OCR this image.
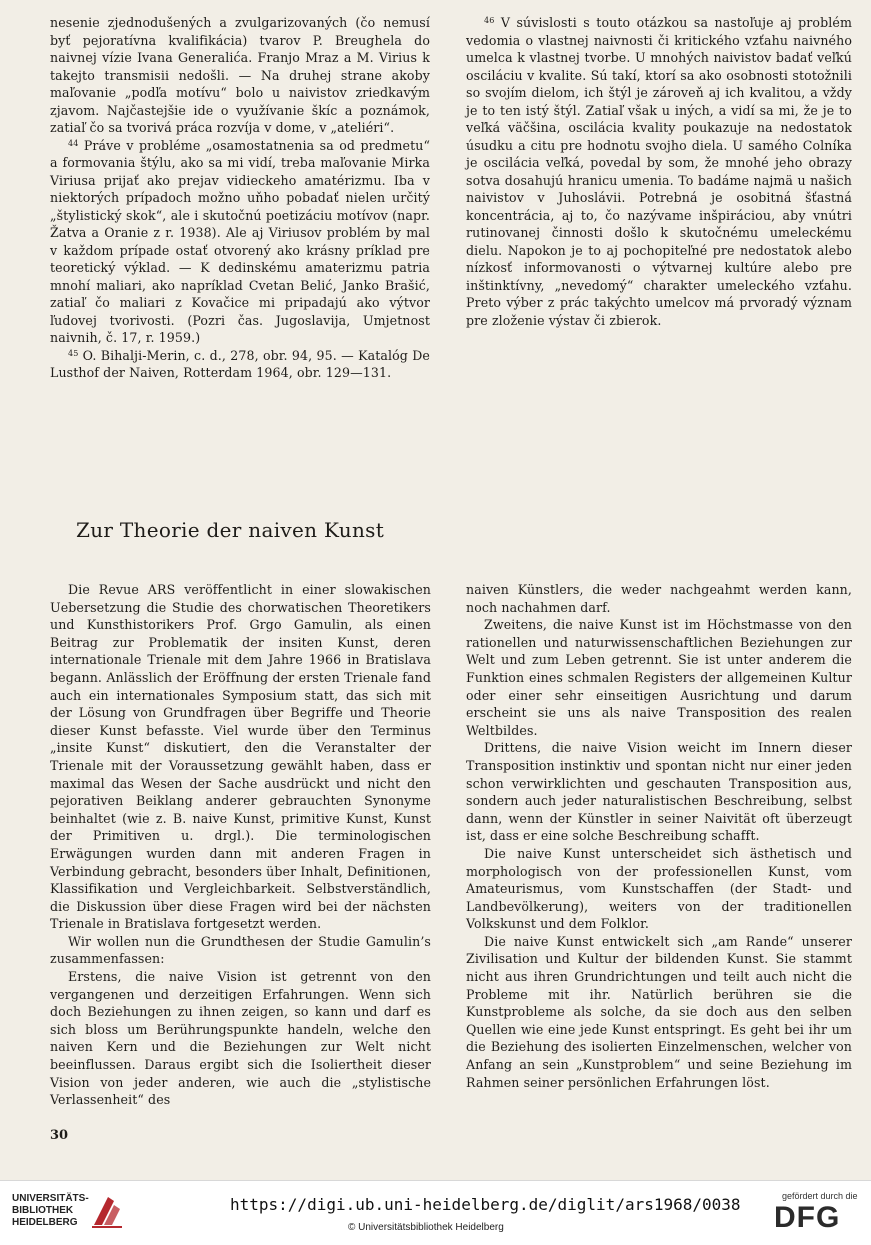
nesenie zjednodušených a zvulgarizovaných (čo nemusí byť pejoratívna kvalifikácia) tvarov P. Breughela do naivnej vízie Ivana Generalića. Franjo Mraz a M. Virius k takejto transmisii nedošli. — Na druhej strane akoby maľovanie „podľa motívu“ bolo u naivistov zriedkavým zjavom. Najčastejšie ide o využívanie škíc a poznámok, zatiaľ čo sa tvorivá práca rozvíja v dome, v „ateliéri“.

$^{44}$ Práve v probléme „osamostatnenia sa od predmetu“ a formovania štýlu, ako sa mi vidí, treba maľovanie Mirka Viriusa prijať ako prejav vidieckeho amatérizmu. Iba v niektorých prípadoch možno uňho pobadať nielen určitý „štylistický skok“, ale i skutočnú poetizáciu motívov (napr. Žatva a Oranie z r. 1938). Ale aj Viriusov problém by mal v každom prípade ostať otvorený ako krásny príklad pre teoretický výklad. — K dedinskému amaterizmu patria mnohí maliari, ako napríklad Cvetan Belić, Janko Brašić, zatiaľ čo maliari z Kovačice mi pripadajú ako výtvor ľudovej tvorivosti. (Pozri čas. Jugoslavija, Umjetnost naivnih, č. 17, r. 1959.)

$^{45}$ O. Bihalji-Merin, c. d., 278, obr. 94, 95. — Katalóg De Lusthof der Naiven, Rotterdam 1964, obr. 129—131.

$^{46}$ V súvislosti s touto otázkou sa nastoľuje aj problém vedomia o vlastnej naivnosti či kritického vzťahu naivného umelca k vlastnej tvorbe. U mnohých naivistov badať veľkú osciláciu v kvalite. Sú takí, ktorí sa ako osobnosti stotožnili so svojím dielom, ich štýl je zároveň aj ich kvalitou, a vždy je to ten istý štýl. Zatiaľ však u iných, a vidí sa mi, že je to veľká väčšina, oscilácia kvality poukazuje na nedostatok úsudku a citu pre hodnotu svojho diela. U samého Colníka je oscilácia veľká, povedal by som, že mnohé jeho obrazy sotva dosahujú hranicu umenia. To badáme najmä u našich naivistov v Juhoslávii. Potrebná je osobitná šťastná koncentrácia, aj to, čo nazývame inšpiráciou, aby vnútri rutinovanej činnosti došlo k skutočnému umeleckému dielu. Napokon je to aj pochopiteľné pre nedostatok alebo nízkosť informovanosti o výtvarnej kultúre alebo pre inštinktívny, „nevedomý“ charakter umeleckého vzťahu. Preto výber z prác takýchto umelcov má prvoradý význam pre zloženie výstav či zbierok.

Zur Theorie der naiven Kunst

Die Revue ARS veröffentlicht in einer slowakischen Uebersetzung die Studie des chorwatischen Theoretikers und Kunsthistorikers Prof. Grgo Gamulin, als einen Beitrag zur Problematik der insiten Kunst, deren internationale Trienale mit dem Jahre 1966 in Bratislava begann. Anlässlich der Eröffnung der ersten Trienale fand auch ein internationales Symposium statt, das sich mit der Lösung von Grundfragen über Begriffe und Theorie dieser Kunst befasste. Viel wurde über den Terminus „insite Kunst“ diskutiert, den die Veranstalter der Trienale mit der Voraussetzung gewählt haben, dass er maximal das Wesen der Sache ausdrückt und nicht den pejorativen Beiklang anderer gebrauchten Synonyme beinhaltet (wie z. B. naive Kunst, primitive Kunst, Kunst der Primitiven u. drgl.). Die terminologischen Erwägungen wurden dann mit anderen Fragen in Verbindung gebracht, besonders über Inhalt, Definitionen, Klassifikation und Vergleichbarkeit. Selbstverständlich, die Diskussion über diese Fragen wird bei der nächsten Trienale in Bratislava fortgesetzt werden.

Wir wollen nun die Grundthesen der Studie Gamulin’s zusammenfassen:

Erstens, die naive Vision ist getrennt von den vergangenen und derzeitigen Erfahrungen. Wenn sich doch Beziehungen zu ihnen zeigen, so kann und darf es sich bloss um Berührungspunkte handeln, welche den naiven Kern und die Beziehungen zur Welt nicht beeinflussen. Daraus ergibt sich die Isoliertheit dieser Vision von jeder anderen, wie auch die „stylistische Verlassenheit“ des

naiven Künstlers, die weder nachgeahmt werden kann, noch nachahmen darf.

Zweitens, die naive Kunst ist im Höchstmasse von den rationellen und naturwissenschaftlichen Beziehungen zur Welt und zum Leben getrennt. Sie ist unter anderem die Funktion eines schmalen Registers der allgemeinen Kultur oder einer sehr einseitigen Ausrichtung und darum erscheint sie uns als naive Transposition des realen Weltbildes.

Drittens, die naive Vision weicht im Innern dieser Transposition instinktiv und spontan nicht nur einer jeden schon verwirklichten und geschauten Transposition aus, sondern auch jeder naturalistischen Beschreibung, selbst dann, wenn der Künstler in seiner Naivität oft überzeugt ist, dass er eine solche Beschreibung schafft.

Die naive Kunst unterscheidet sich ästhetisch und morphologisch von der professionellen Kunst, vom Amateurismus, vom Kunstschaffen (der Stadt- und Landbevölkerung), weiters von der traditionellen Volkskunst und dem Folklor.

Die naive Kunst entwickelt sich „am Rande“ unserer Zivilisation und Kultur der bildenden Kunst. Sie stammt nicht aus ihren Grundrichtungen und teilt auch nicht die Probleme mit ihr. Natürlich berühren sie die Kunstprobleme als solche, da sie doch aus den selben Quellen wie eine jede Kunst entspringt. Es geht bei ihr um die Beziehung des isolierten Einzelmenschen, welcher von Anfang an sein „Kunstproblem“ und seine Beziehung im Rahmen seiner persönlichen Erfahrungen löst.

30
UNIVERSITÄTS-
BIBLIOTHEK
HEIDELBERG
https://digi.ub.uni-heidelberg.de/diglit/ars1968/0038
© Universitätsbibliothek Heidelberg
gefördert durch die
DFG
